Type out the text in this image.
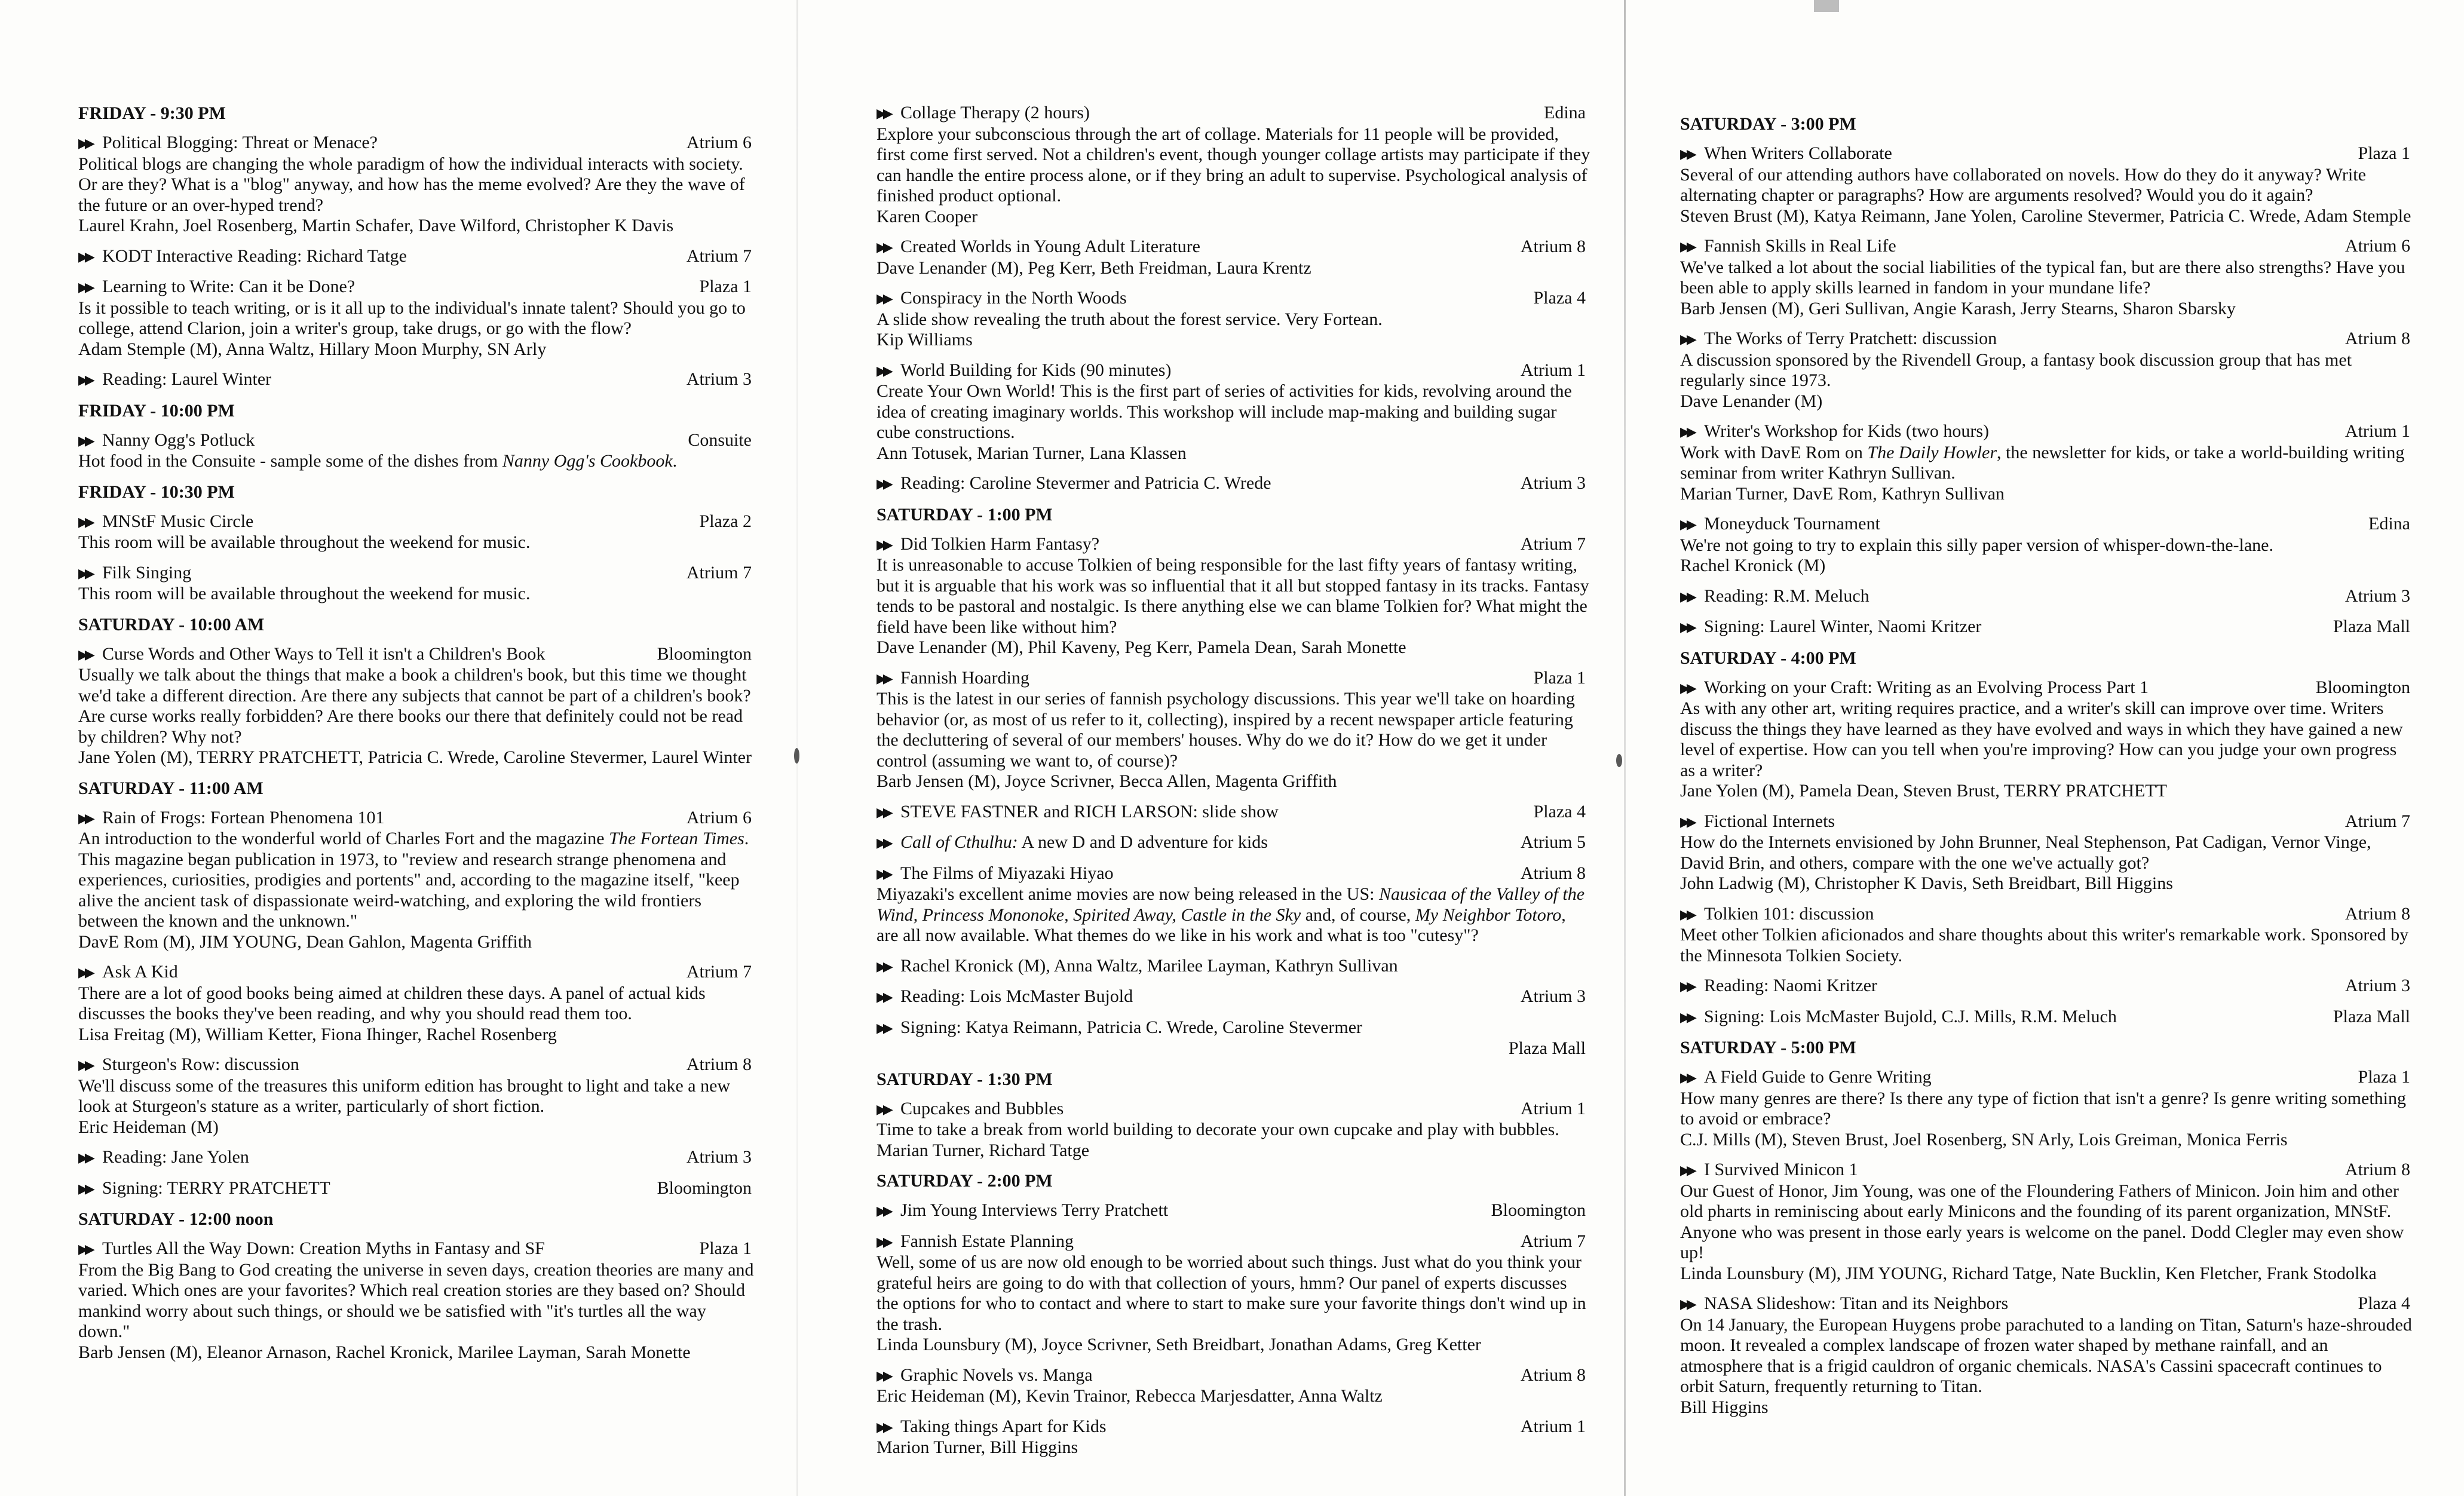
FRIDAY - 9:30 PM
▶▶ Political Blogging: Threat or Menace?	Atrium 6

Political blogs are changing the whole paradigm of how the individual interacts with society. Or are they? What is a "blog" anyway, and how has the meme evolved? Are they the wave of the future or an over-hyped trend?

Laurel Krahn, Joel Rosenberg, Martin Schafer, Dave Wilford, Christopher K Davis

▶▶ KODT Interactive Reading: Richard Tatge	Atrium 7
▶▶ Learning to Write: Can it be Done?	Plaza 1

Is it possible to teach writing, or is it all up to the individual's innate talent? Should you go to college, attend Clarion, join a writer's group, take drugs, or go with the flow?

Adam Stemple (M), Anna Waltz, Hillary Moon Murphy, SN Arly

▶▶ Reading: Laurel Winter	Atrium 3
FRIDAY - 10:00 PM
▶▶ Nanny Ogg's Potluck	Consuite

Hot food in the Consuite - sample some of the dishes from Nanny Ogg's Cookbook.

FRIDAY - 10:30 PM
▶▶ MNStF Music Circle	Plaza 2

This room will be available throughout the weekend for music.

▶▶ Filk Singing	Atrium 7

This room will be available throughout the weekend for music.

SATURDAY - 10:00 AM
▶▶ Curse Words and Other Ways to Tell it isn't a Children's Book	Bloomington

Usually we talk about the things that make a book a children's book, but this time we thought we'd take a different direction. Are there any subjects that cannot be part of a children's book? Are curse works really forbidden? Are there books our there that definitely could not be read by children? Why not?

Jane Yolen (M), TERRY PRATCHETT, Patricia C. Wrede, Caroline Stevermer, Laurel Winter

SATURDAY - 11:00 AM
▶▶ Rain of Frogs: Fortean Phenomena 101	Atrium 6

An introduction to the wonderful world of Charles Fort and the magazine The Fortean Times. This magazine began publication in 1973, to "review and research strange phenomena and experiences, curiosities, prodigies and portents" and, according to the magazine itself, "keep alive the ancient task of dispassionate weird-watching, and exploring the wild frontiers between the known and the unknown."

DavE Rom (M), JIM YOUNG, Dean Gahlon, Magenta Griffith

▶▶ Ask A Kid	Atrium 7

There are a lot of good books being aimed at children these days. A panel of actual kids discusses the books they've been reading, and why you should read them too.

Lisa Freitag (M), William Ketter, Fiona Ihinger, Rachel Rosenberg

▶▶ Sturgeon's Row: discussion	Atrium 8

We'll discuss some of the treasures this uniform edition has brought to light and take a new look at Sturgeon's stature as a writer, particularly of short fiction.

Eric Heideman (M)

▶▶ Reading: Jane Yolen	Atrium 3
▶▶ Signing: TERRY PRATCHETT	Bloomington
SATURDAY - 12:00 noon
▶▶ Turtles All the Way Down: Creation Myths in Fantasy and SF	Plaza 1

From the Big Bang to God creating the universe in seven days, creation theories are many and varied. Which ones are your favorites? Which real creation stories are they based on? Should mankind worry about such things, or should we be satisfied with "it's turtles all the way down."

Barb Jensen (M), Eleanor Arnason, Rachel Kronick, Marilee Layman, Sarah Monette

▶▶ Collage Therapy (2 hours)	Edina

Explore your subconscious through the art of collage. Materials for 11 people will be provided, first come first served. Not a children's event, though younger collage artists may participate if they can handle the entire process alone, or if they bring an adult to supervise. Psychological analysis of finished product optional.

Karen Cooper

▶▶ Created Worlds in Young Adult Literature	Atrium 8

Dave Lenander (M), Peg Kerr, Beth Freidman, Laura Krentz

▶▶ Conspiracy in the North Woods	Plaza 4

A slide show revealing the truth about the forest service. Very Fortean.

Kip Williams

▶▶ World Building for Kids (90 minutes)	Atrium 1

Create Your Own World! This is the first part of series of activities for kids, revolving around the idea of creating imaginary worlds. This workshop will include map-making and building sugar cube constructions.

Ann Totusek, Marian Turner, Lana Klassen

▶▶ Reading: Caroline Stevermer and Patricia C. Wrede	Atrium 3
SATURDAY - 1:00 PM
▶▶ Did Tolkien Harm Fantasy?	Atrium 7

It is unreasonable to accuse Tolkien of being responsible for the last fifty years of fantasy writing, but it is arguable that his work was so influential that it all but stopped fantasy in its tracks. Fantasy tends to be pastoral and nostalgic. Is there anything else we can blame Tolkien for? What might the field have been like without him?

Dave Lenander (M), Phil Kaveny, Peg Kerr, Pamela Dean, Sarah Monette

▶▶ Fannish Hoarding	Plaza 1

This is the latest in our series of fannish psychology discussions. This year we'll take on hoarding behavior (or, as most of us refer to it, collecting), inspired by a recent newspaper article featuring the decluttering of several of our members' houses. Why do we do it? How do we get it under control (assuming we want to, of course)?

Barb Jensen (M), Joyce Scrivner, Becca Allen, Magenta Griffith

▶▶ STEVE FASTNER and RICH LARSON: slide show	Plaza 4
▶▶ Call of Cthulhu: A new D and D adventure for kids	Atrium 5
▶▶ The Films of Miyazaki Hiyao	Atrium 8

Miyazaki's excellent anime movies are now being released in the US: Nausicaa of the Valley of the Wind, Princess Mononoke, Spirited Away, Castle in the Sky and, of course, My Neighbor Totoro, are all now available. What themes do we like in his work and what is too "cutesy"?

▶▶ Rachel Kronick (M), Anna Waltz, Marilee Layman, Kathryn Sullivan
▶▶ Reading: Lois McMaster Bujold	Atrium 3
▶▶ Signing: Katya Reimann, Patricia C. Wrede, Caroline Stevermer
Plaza Mall
SATURDAY - 1:30 PM
▶▶ Cupcakes and Bubbles	Atrium 1

Time to take a break from world building to decorate your own cupcake and play with bubbles.

Marian Turner, Richard Tatge

SATURDAY - 2:00 PM
▶▶ Jim Young Interviews Terry Pratchett	Bloomington
▶▶ Fannish Estate Planning	Atrium 7

Well, some of us are now old enough to be worried about such things. Just what do you think your grateful heirs are going to do with that collection of yours, hmm? Our panel of experts discusses the options for who to contact and where to start to make sure your favorite things don't wind up in the trash.

Linda Lounsbury (M), Joyce Scrivner, Seth Breidbart, Jonathan Adams, Greg Ketter

▶▶ Graphic Novels vs. Manga	Atrium 8

Eric Heideman (M), Kevin Trainor, Rebecca Marjesdatter, Anna Waltz

▶▶ Taking things Apart for Kids	Atrium 1

Marion Turner, Bill Higgins

SATURDAY - 3:00 PM
▶▶ When Writers Collaborate	Plaza 1

Several of our attending authors have collaborated on novels. How do they do it anyway? Write alternating chapter or paragraphs? How are arguments resolved? Would you do it again?

Steven Brust (M), Katya Reimann, Jane Yolen, Caroline Stevermer, Patricia C. Wrede, Adam Stemple

▶▶ Fannish Skills in Real Life	Atrium 6

We've talked a lot about the social liabilities of the typical fan, but are there also strengths? Have you been able to apply skills learned in fandom in your mundane life?

Barb Jensen (M), Geri Sullivan, Angie Karash, Jerry Stearns, Sharon Sbarsky

▶▶ The Works of Terry Pratchett: discussion	Atrium 8

A discussion sponsored by the Rivendell Group, a fantasy book discussion group that has met regularly since 1973.

Dave Lenander (M)

▶▶ Writer's Workshop for Kids (two hours)	Atrium 1

Work with DavE Rom on The Daily Howler, the newsletter for kids, or take a world-building writing seminar from writer Kathryn Sullivan.

Marian Turner, DavE Rom, Kathryn Sullivan

▶▶ Moneyduck Tournament	Edina

We're not going to try to explain this silly paper version of whisper-down-the-lane.

Rachel Kronick (M)

▶▶ Reading: R.M. Meluch	Atrium 3
▶▶ Signing: Laurel Winter, Naomi Kritzer	Plaza Mall
SATURDAY - 4:00 PM
▶▶ Working on your Craft: Writing as an Evolving Process Part 1	Bloomington

As with any other art, writing requires practice, and a writer's skill can improve over time. Writers discuss the things they have learned as they have evolved and ways in which they have gained a new level of expertise. How can you tell when you're improving? How can you judge your own progress as a writer?

Jane Yolen (M), Pamela Dean, Steven Brust, TERRY PRATCHETT

▶▶ Fictional Internets	Atrium 7

How do the Internets envisioned by John Brunner, Neal Stephenson, Pat Cadigan, Vernor Vinge, David Brin, and others, compare with the one we've actually got?

John Ladwig (M), Christopher K Davis, Seth Breidbart, Bill Higgins

▶▶ Tolkien 101: discussion	Atrium 8

Meet other Tolkien aficionados and share thoughts about this writer's remarkable work. Sponsored by the Minnesota Tolkien Society.

▶▶ Reading: Naomi Kritzer	Atrium 3
▶▶ Signing: Lois McMaster Bujold, C.J. Mills, R.M. Meluch	Plaza Mall
SATURDAY - 5:00 PM
▶▶ A Field Guide to Genre Writing	Plaza 1

How many genres are there? Is there any type of fiction that isn't a genre? Is genre writing something to avoid or embrace?

C.J. Mills (M), Steven Brust, Joel Rosenberg, SN Arly, Lois Greiman, Monica Ferris

▶▶ I Survived Minicon 1	Atrium 8

Our Guest of Honor, Jim Young, was one of the Floundering Fathers of Minicon. Join him and other old pharts in reminiscing about early Minicons and the founding of its parent organization, MNStF. Anyone who was present in those early years is welcome on the panel. Dodd Clegler may even show up!

Linda Lounsbury (M), JIM YOUNG, Richard Tatge, Nate Bucklin, Ken Fletcher, Frank Stodolka

▶▶ NASA Slideshow: Titan and its Neighbors	Plaza 4

On 14 January, the European Huygens probe parachuted to a landing on Titan, Saturn's haze-shrouded moon. It revealed a complex landscape of frozen water shaped by methane rainfall, and an atmosphere that is a frigid cauldron of organic chemicals. NASA's Cassini spacecraft continues to orbit Saturn, frequently returning to Titan.

Bill Higgins
